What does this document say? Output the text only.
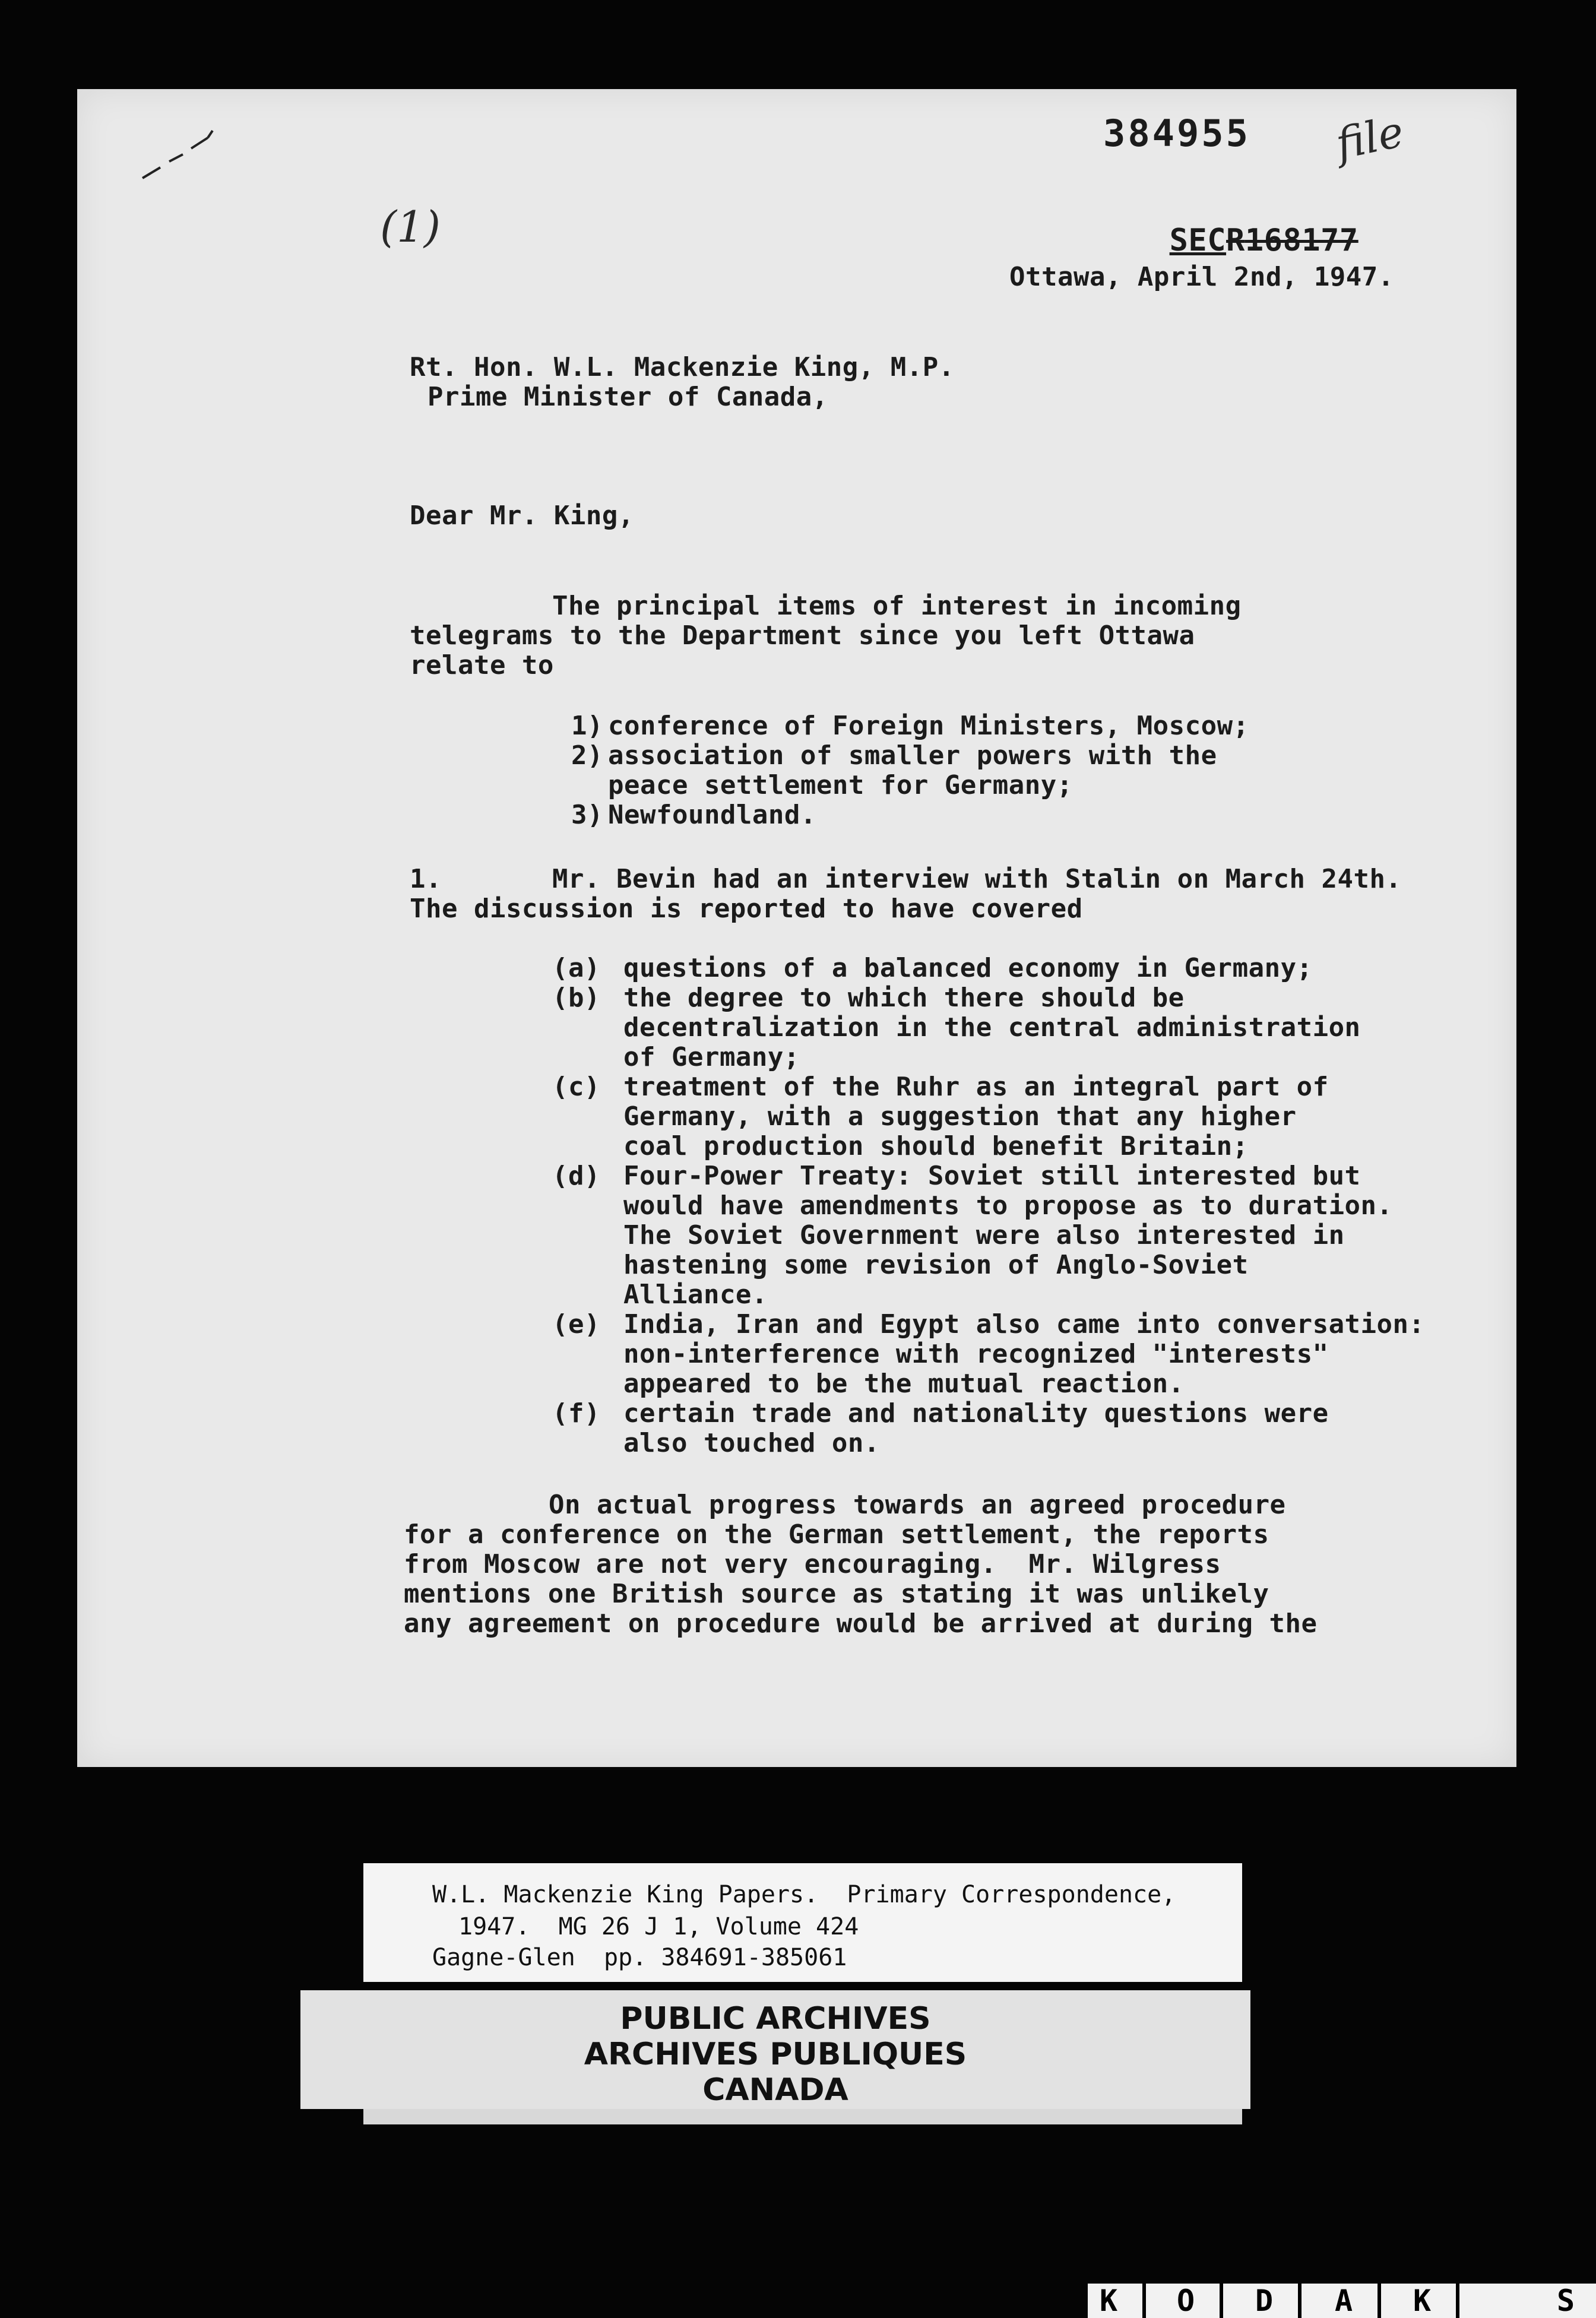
384955 file

SECR168177

(1)
Ottawa, April 2nd, 1947.
Rt. Hon. W.L. Mackenzie King, M.P.
Prime Minister of Canada,
Dear Mr. King,
The principal items of interest in incoming
telegrams to the Department since you left Ottawa
relate to
1) conference of Foreign Ministers, Moscow;
2) association of smaller powers with the
peace settlement for Germany;
3) Newfoundland.
1.	Mr. Bevin had an interview with Stalin on March 24th.
The discussion is reported to have covered
(a) questions of a balanced economy in Germany;
(b) the degree to which there should be
decentralization in the central administration
of Germany;
(c) treatment of the Ruhr as an integral part of
Germany, with a suggestion that any higher
coal production should benefit Britain;
(d) Four-Power Treaty: Soviet still interested but
would have amendments to propose as to duration.
The Soviet Government were also interested in
hastening some revision of Anglo-Soviet
Alliance.
(e) India, Iran and Egypt also came into conversation:
non-interference with recognized "interests"
appeared to be the mutual reaction.
(f) certain trade and nationality questions were
also touched on.
On actual progress towards an agreed procedure
for a conference on the German settlement, the reports
from Moscow are not very encouraging.  Mr. Wilgress
mentions one British source as stating it was unlikely
any agreement on procedure would be arrived at during the
W.L. Mackenzie King Papers.  Primary Correspondence,
1947.  MG 26 J 1, Volume 424
Gagne-Glen  pp. 384691-385061
PUBLIC ARCHIVES
ARCHIVES PUBLIQUES
CANADA
K O D A K	S
